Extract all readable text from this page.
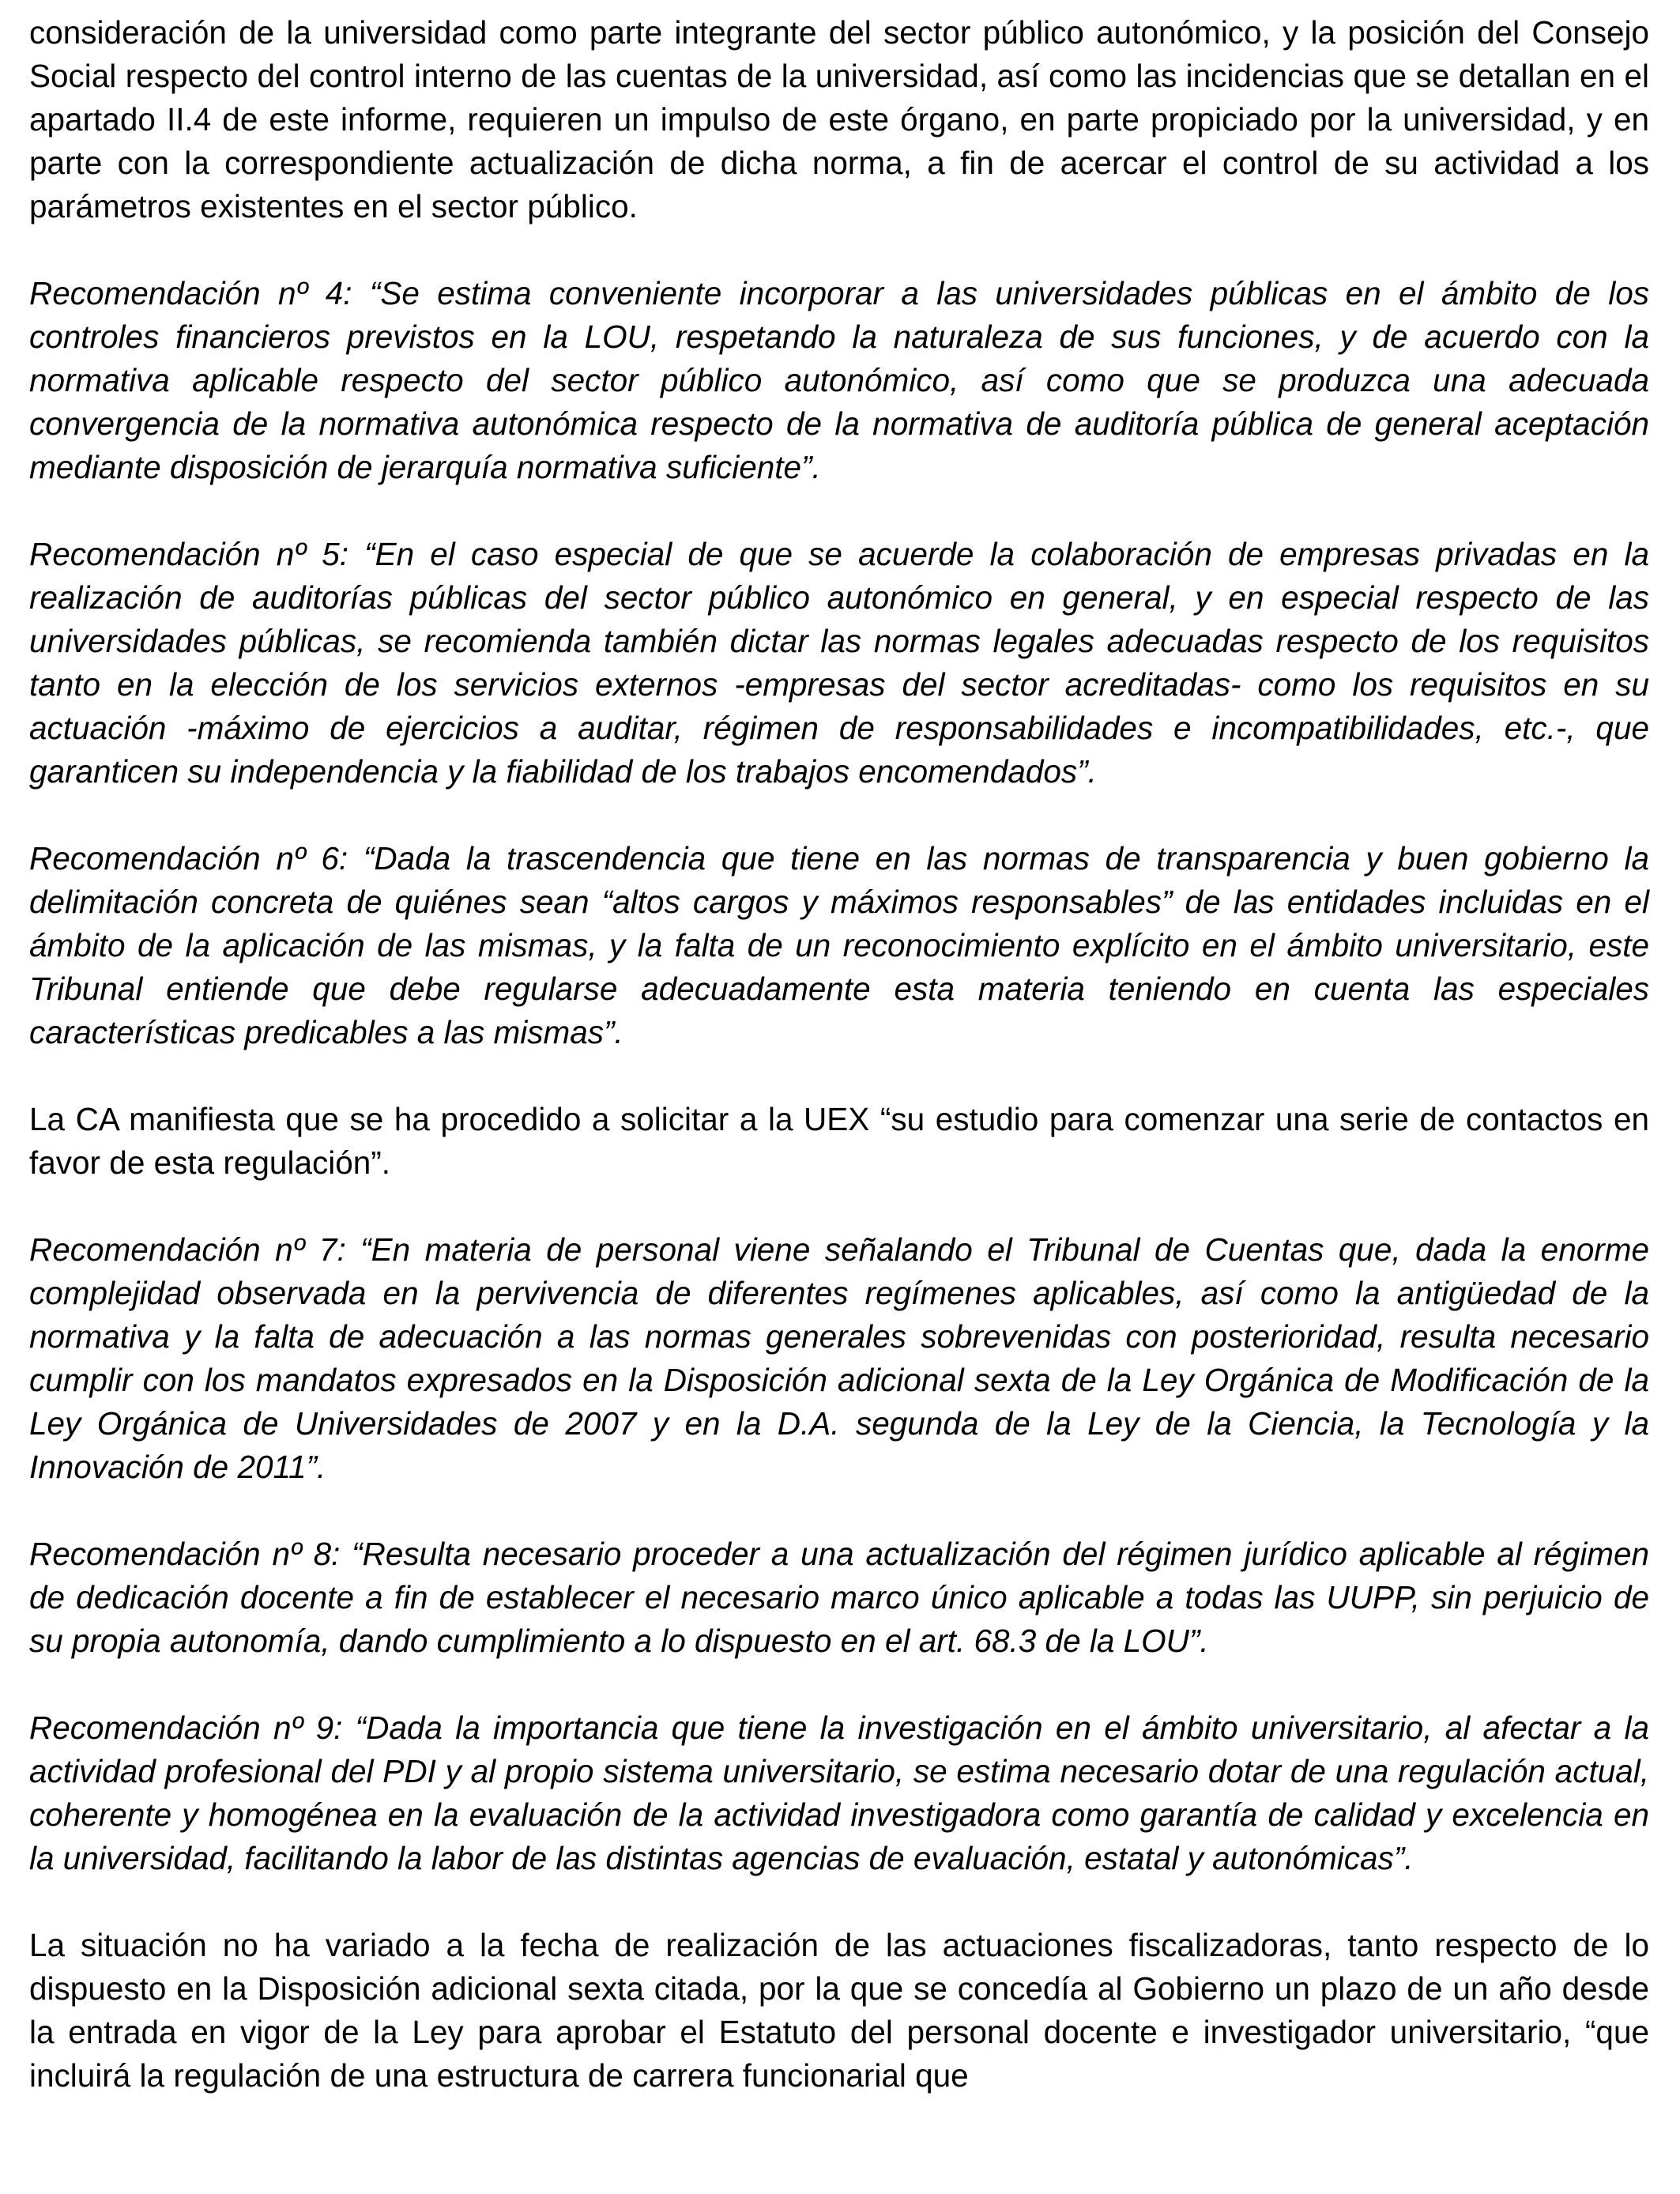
consideración de la universidad como parte integrante del sector público autonómico, y la posición del Consejo Social respecto del control interno de las cuentas de la universidad, así como las incidencias que se detallan en el apartado II.4 de este informe, requieren un impulso de este órgano, en parte propiciado por la universidad, y en parte con la correspondiente actualización de dicha norma, a fin de acercar el control de su actividad a los parámetros existentes en el sector público.

Recomendación nº 4: “Se estima conveniente incorporar a las universidades públicas en el ámbito de los controles financieros previstos en la LOU, respetando la naturaleza de sus funciones, y de acuerdo con la normativa aplicable respecto del sector público autonómico, así como que se produzca una adecuada convergencia de la normativa autonómica respecto de la normativa de auditoría pública de general aceptación mediante disposición de jerarquía normativa suficiente”.

Recomendación nº 5: “En el caso especial de que se acuerde la colaboración de empresas privadas en la realización de auditorías públicas del sector público autonómico en general, y en especial respecto de las universidades públicas, se recomienda también dictar las normas legales adecuadas respecto de los requisitos tanto en la elección de los servicios externos -empresas del sector acreditadas- como los requisitos en su actuación -máximo de ejercicios a auditar, régimen de responsabilidades e incompatibilidades, etc.-, que garanticen su independencia y la fiabilidad de los trabajos encomendados”.

Recomendación nº 6: “Dada la trascendencia que tiene en las normas de transparencia y buen gobierno la delimitación concreta de quiénes sean “altos cargos y máximos responsables” de las entidades incluidas en el ámbito de la aplicación de las mismas, y la falta de un reconocimiento explícito en el ámbito universitario, este Tribunal entiende que debe regularse adecuadamente esta materia teniendo en cuenta las especiales características predicables a las mismas”.

La CA manifiesta que se ha procedido a solicitar a la UEX “su estudio para comenzar una serie de contactos en favor de esta regulación”.

Recomendación nº 7: “En materia de personal viene señalando el Tribunal de Cuentas que, dada la enorme complejidad observada en la pervivencia de diferentes regímenes aplicables, así como la antigüedad de la normativa y la falta de adecuación a las normas generales sobrevenidas con posterioridad, resulta necesario cumplir con los mandatos expresados en la Disposición adicional sexta de la Ley Orgánica de Modificación de la Ley Orgánica de Universidades de 2007 y en la D.A. segunda de la Ley de la Ciencia, la Tecnología y la Innovación de 2011”.

Recomendación nº 8: “Resulta necesario proceder a una actualización del régimen jurídico aplicable al régimen de dedicación docente a fin de establecer el necesario marco único aplicable a todas las UUPP, sin perjuicio de su propia autonomía, dando cumplimiento a lo dispuesto en el art. 68.3 de la LOU”.

Recomendación nº 9: “Dada la importancia que tiene la investigación en el ámbito universitario, al afectar a la actividad profesional del PDI y al propio sistema universitario, se estima necesario dotar de una regulación actual, coherente y homogénea en la evaluación de la actividad investigadora como garantía de calidad y excelencia en la universidad, facilitando la labor de las distintas agencias de evaluación, estatal y autonómicas”.

La situación no ha variado a la fecha de realización de las actuaciones fiscalizadoras, tanto respecto de lo dispuesto en la Disposición adicional sexta citada, por la que se concedía al Gobierno un plazo de un año desde la entrada en vigor de la Ley para aprobar el Estatuto del personal docente e investigador universitario, “que incluirá la regulación de una estructura de carrera funcionarial que
